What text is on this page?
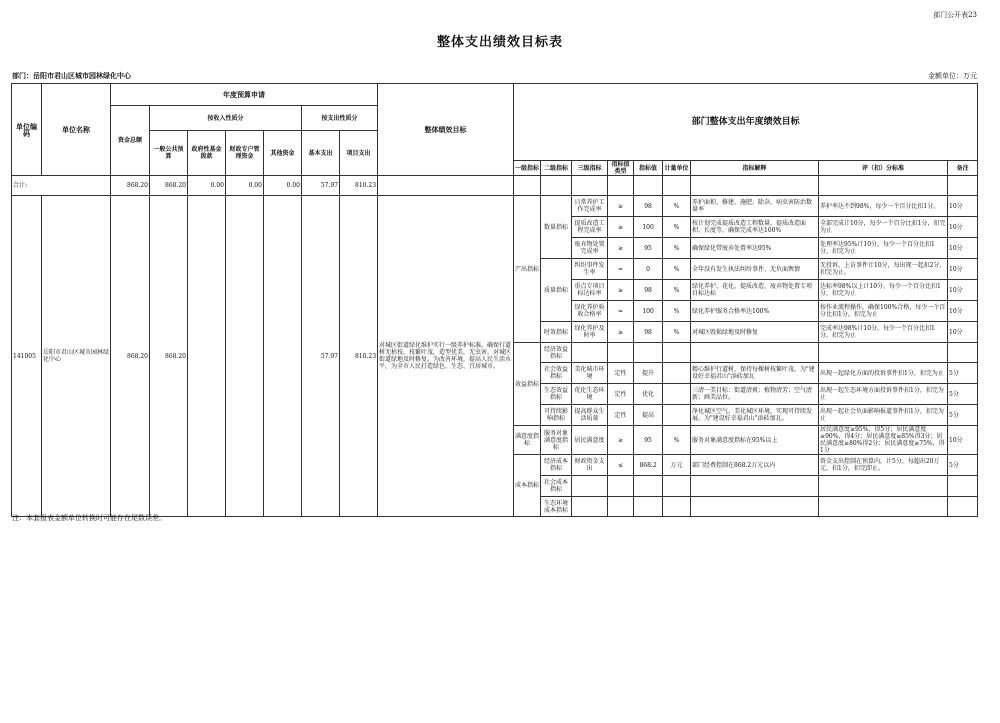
部门公开表23
整体支出绩效目标表
部门：岳阳市君山区城市园林绿化中心	金额单位：万元
单位编码	单位名称	年度预算申请							整体绩效目标	部门整体支出年度绩效目标								
		资金总额	按收入性质分				按支出性质分											
			一般公共预算	政府性基金拨款	财政专户管理资金	其他资金	基本支出	项目支出										
										一级指标	二级指标	三级指标	指标值类型	指标值	计量单位	指标解释	评（扣）分标准	备注
合计:		868.20	868.20	0.00	0.00	0.00	57.97	810.23										
141005	岳阳市君山区城市园林绿化中心	868.20	868.20				57.97	810.23	对城区街道绿化维护实行一级养护标准，确保行道树无枯枝，枝繁叶茂，造型优美，无虫害。对城区街道绿地及时修复。为改善环境，提高人民生活水平，为全市人民打造绿色、生态、宜居城市。	产出指标	数量指标	日常养护工作完成率	≥	98	%	养护面积、修建、施肥、除杂、病虫害防治数量率	养护率达不到98%，每少一个百分比扣1分。	10分
												提质改造工程完成率	≥	100	%	按计划完成提质改造工程数量，提质改造面积、长度等，确保完成率达100%	全部完成计10分，每少一个百分比扣1分，扣完为止	10分
												废弃物处置完成率	≥	95	%	确保绿化带废弃处置率达95%	处理率达95%计10分，每少一个百分比扣1分，扣完为止	10分
											质量指标	纠纷事件发生率	=	0	%	全年没有发生执法纠纷事件、无负面舆情	无投诉、上访事件计10分，每出现一起扣2分，扣完为止。	10分
												重点专项目标达标率	≥	98	%	绿化养护、花化、提质改造、废弃物处置专项目标达标	达标率98%以上计10分，每少一个百分比扣1分，扣完为止	10分
												绿化养护验收合格率	=	100	%	绿化养护服务合格率达100%	按作业流程操作，确保100%合格，每少一个百分比扣1分，扣完为止	10分
											时效指标	绿化养护及时率	≥	98	%	对城区毁损绿地及时修复	完成率达98%计10分，每少一个百分比扣1分，扣完为止	10分
										效益指标	经济效益指标							
											社会效益指标	美化城市环境	定性	提升		精心维护行道树，保持每棵树枝繁叶茂，为"建设好幸福君山"添砖加瓦	出现一起绿化方面的投诉事件扣1分，扣完为止	5分
											生态效益指标	优化生态环境	定性	优化		三清一美目标：街道清爽；植物清芳；空气清新；画美品位。	出现一起生态环境方面投诉事件扣1分，扣完为止	5分
											可持续影响指标	提高群众生活质量	定性	提高		净化城区空气，美化城区环境，实现可持续发展，为"建设好幸福君山"添砖加瓦。	出现一起社会负面影响报道事件扣1分，扣完为止	5分
										满意度指标	服务对象满意度指标	居民满意度	≥	95	%	服务对象满意度指标在95%以上	居民满意度≥95%，得5分；居民满意度≥90%，得4分；居民满意度≥85%得3分；居民满意度≥80%得2分；居民满意度≥75%，得1分	10分
										成本指标	经济成本指标	财政资金支出	≤	868.2	万元	部门经费控制在868.2万元以内	资金支出控制在预算内，计5分，每超出20万元，扣1分，扣完即止。	5分
											社会成本指标							
											生态环境成本指标							
注：本套报表金额单位转换时可能存在尾数误差。
